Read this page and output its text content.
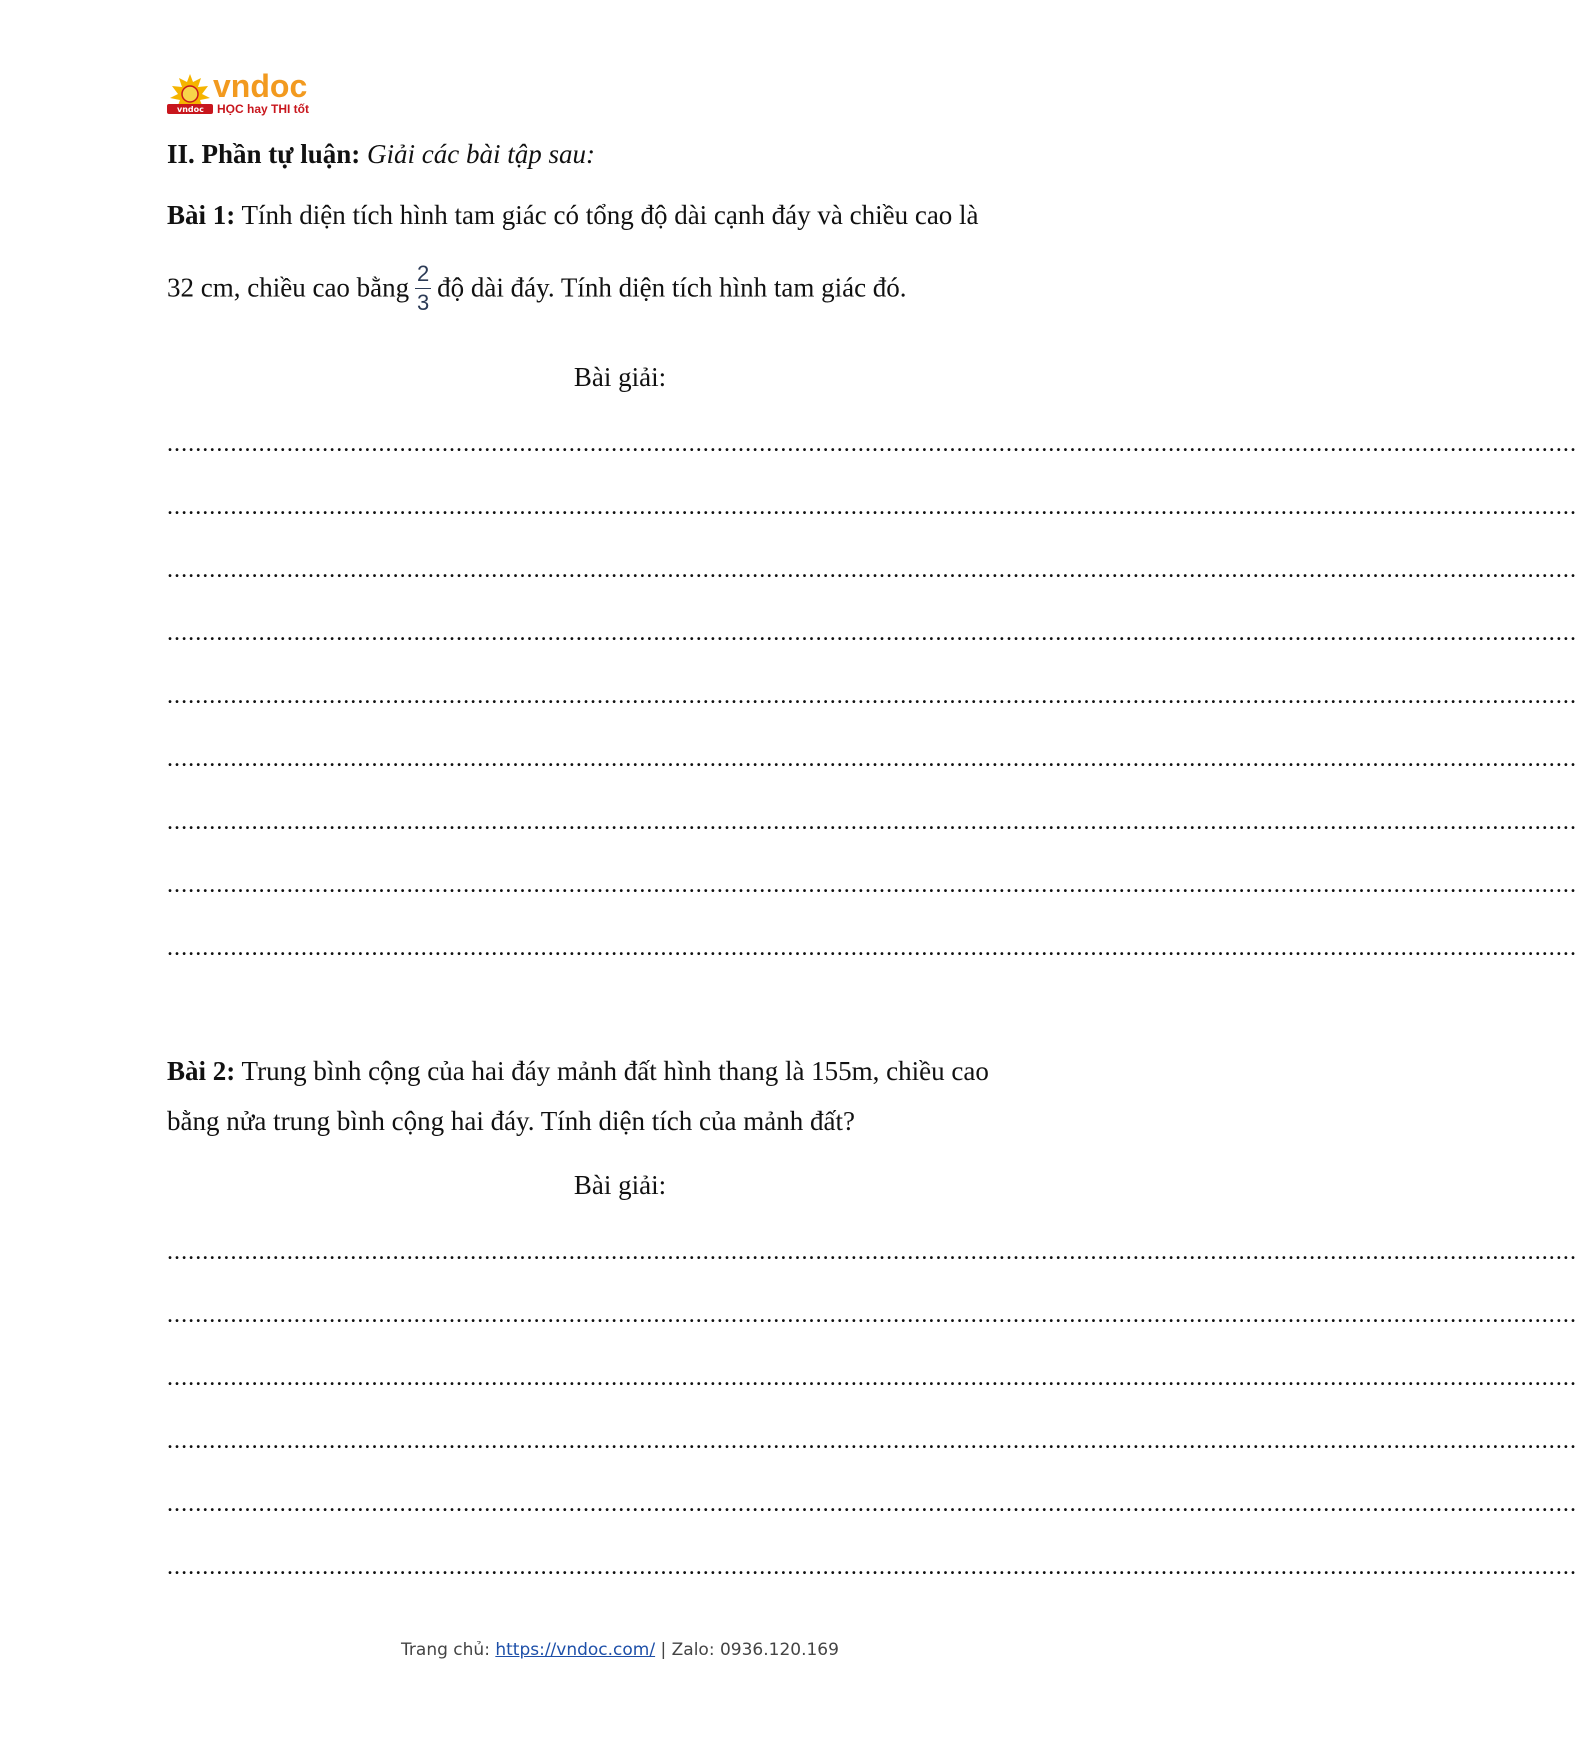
vndoc
vndoc
HỌC hay THI tốt
II. Phần tự luận: Giải các bài tập sau:
Bài 1: Tính diện tích hình tam giác có tổng độ dài cạnh đáy và chiều cao là
32 cm, chiều cao bằng $\frac{2}{3}$ độ dài đáy. Tính diện tích hình tam giác đó.
Bài giải:
........................................................................................................................................................................................................
........................................................................................................................................................................................................
........................................................................................................................................................................................................
........................................................................................................................................................................................................
........................................................................................................................................................................................................
........................................................................................................................................................................................................
........................................................................................................................................................................................................
........................................................................................................................................................................................................
........................................................................................................................................................................................................
Bài 2: Trung bình cộng của hai đáy mảnh đất hình thang là 155m, chiều cao
bằng nửa trung bình cộng hai đáy. Tính diện tích của mảnh đất?
Bài giải:
........................................................................................................................................................................................................
........................................................................................................................................................................................................
........................................................................................................................................................................................................
........................................................................................................................................................................................................
........................................................................................................................................................................................................
........................................................................................................................................................................................................
Trang chủ: https://vndoc.com/ | Zalo: 0936.120.169
